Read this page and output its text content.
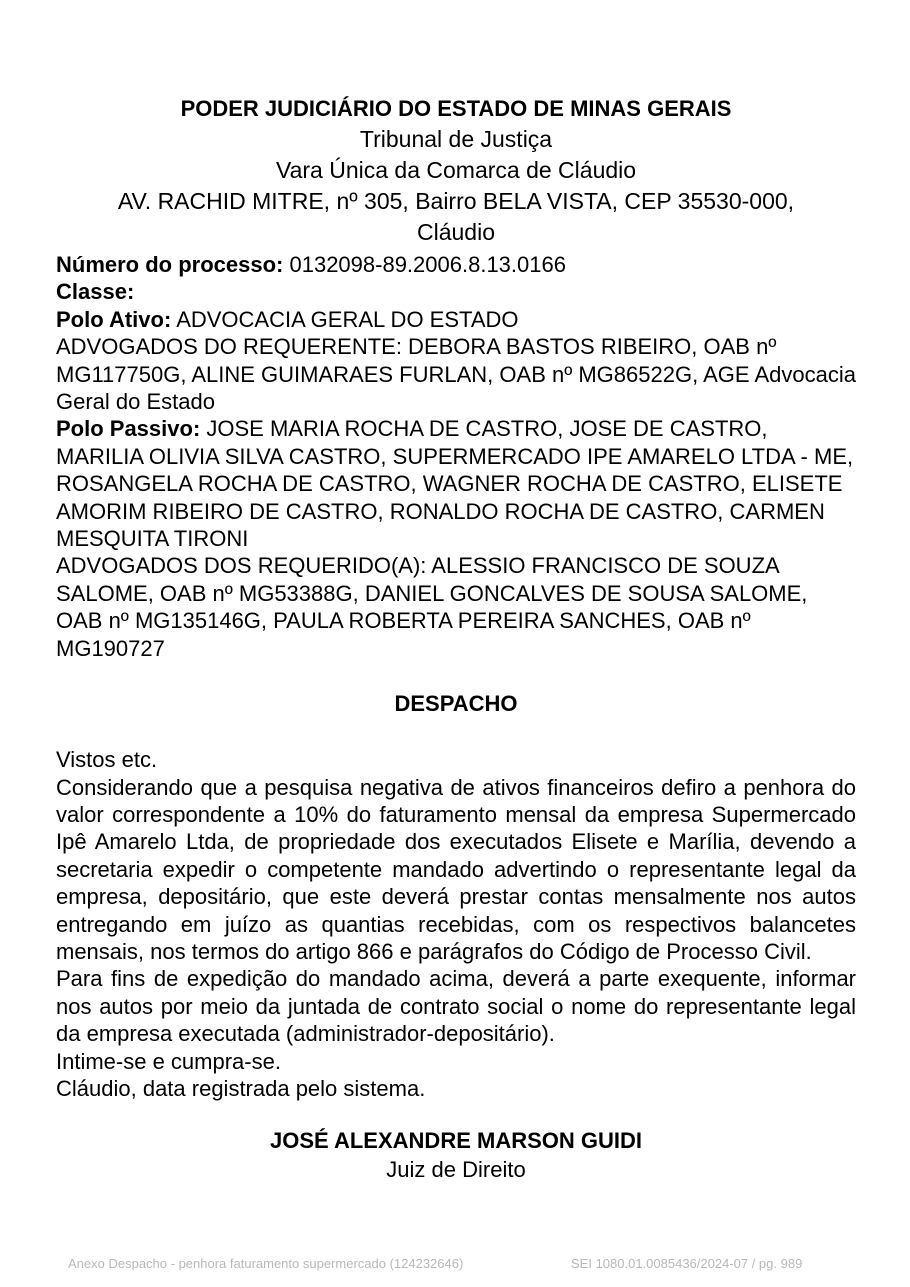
PODER JUDICIÁRIO DO ESTADO DE MINAS GERAIS
Tribunal de Justiça
Vara Única da Comarca de Cláudio
AV. RACHID MITRE, nº 305, Bairro BELA VISTA, CEP 35530-000,
Cláudio

Número do processo: 0132098-89.2006.8.13.0166

Classe:

Polo Ativo: ADVOCACIA GERAL DO ESTADO

ADVOGADOS DO REQUERENTE: DEBORA BASTOS RIBEIRO, OAB nº MG117750G, ALINE GUIMARAES FURLAN, OAB nº MG86522G, AGE Advocacia Geral do Estado

Polo Passivo: JOSE MARIA ROCHA DE CASTRO, JOSE DE CASTRO, MARILIA OLIVIA SILVA CASTRO, SUPERMERCADO IPE AMARELO LTDA - ME, ROSANGELA ROCHA DE CASTRO, WAGNER ROCHA DE CASTRO, ELISETE AMORIM RIBEIRO DE CASTRO, RONALDO ROCHA DE CASTRO, CARMEN MESQUITA TIRONI

ADVOGADOS DOS REQUERIDO(A): ALESSIO FRANCISCO DE SOUZA SALOME, OAB nº MG53388G, DANIEL GONCALVES DE SOUSA SALOME, OAB nº MG135146G, PAULA ROBERTA PEREIRA SANCHES, OAB nº MG190727

DESPACHO

Vistos etc.

Considerando que a pesquisa negativa de ativos financeiros defiro a penhora do valor correspondente a 10% do faturamento mensal da empresa Supermercado Ipê Amarelo Ltda, de propriedade dos executados Elisete e Marília, devendo a secretaria expedir o competente mandado advertindo o representante legal da empresa, depositário, que este deverá prestar contas mensalmente nos autos entregando em juízo as quantias recebidas, com os respectivos balancetes mensais, nos termos do artigo 866 e parágrafos do Código de Processo Civil.

Para fins de expedição do mandado acima, deverá a parte exequente, informar nos autos por meio da juntada de contrato social o nome do representante legal da empresa executada (administrador-depositário).

Intime-se e cumpra-se.

Cláudio, data registrada pelo sistema.

JOSÉ ALEXANDRE MARSON GUIDI
Juiz de Direito
Anexo Despacho - penhora faturamento supermercado (124232646)	SEI 1080.01.0085436/2024-07 / pg. 989
